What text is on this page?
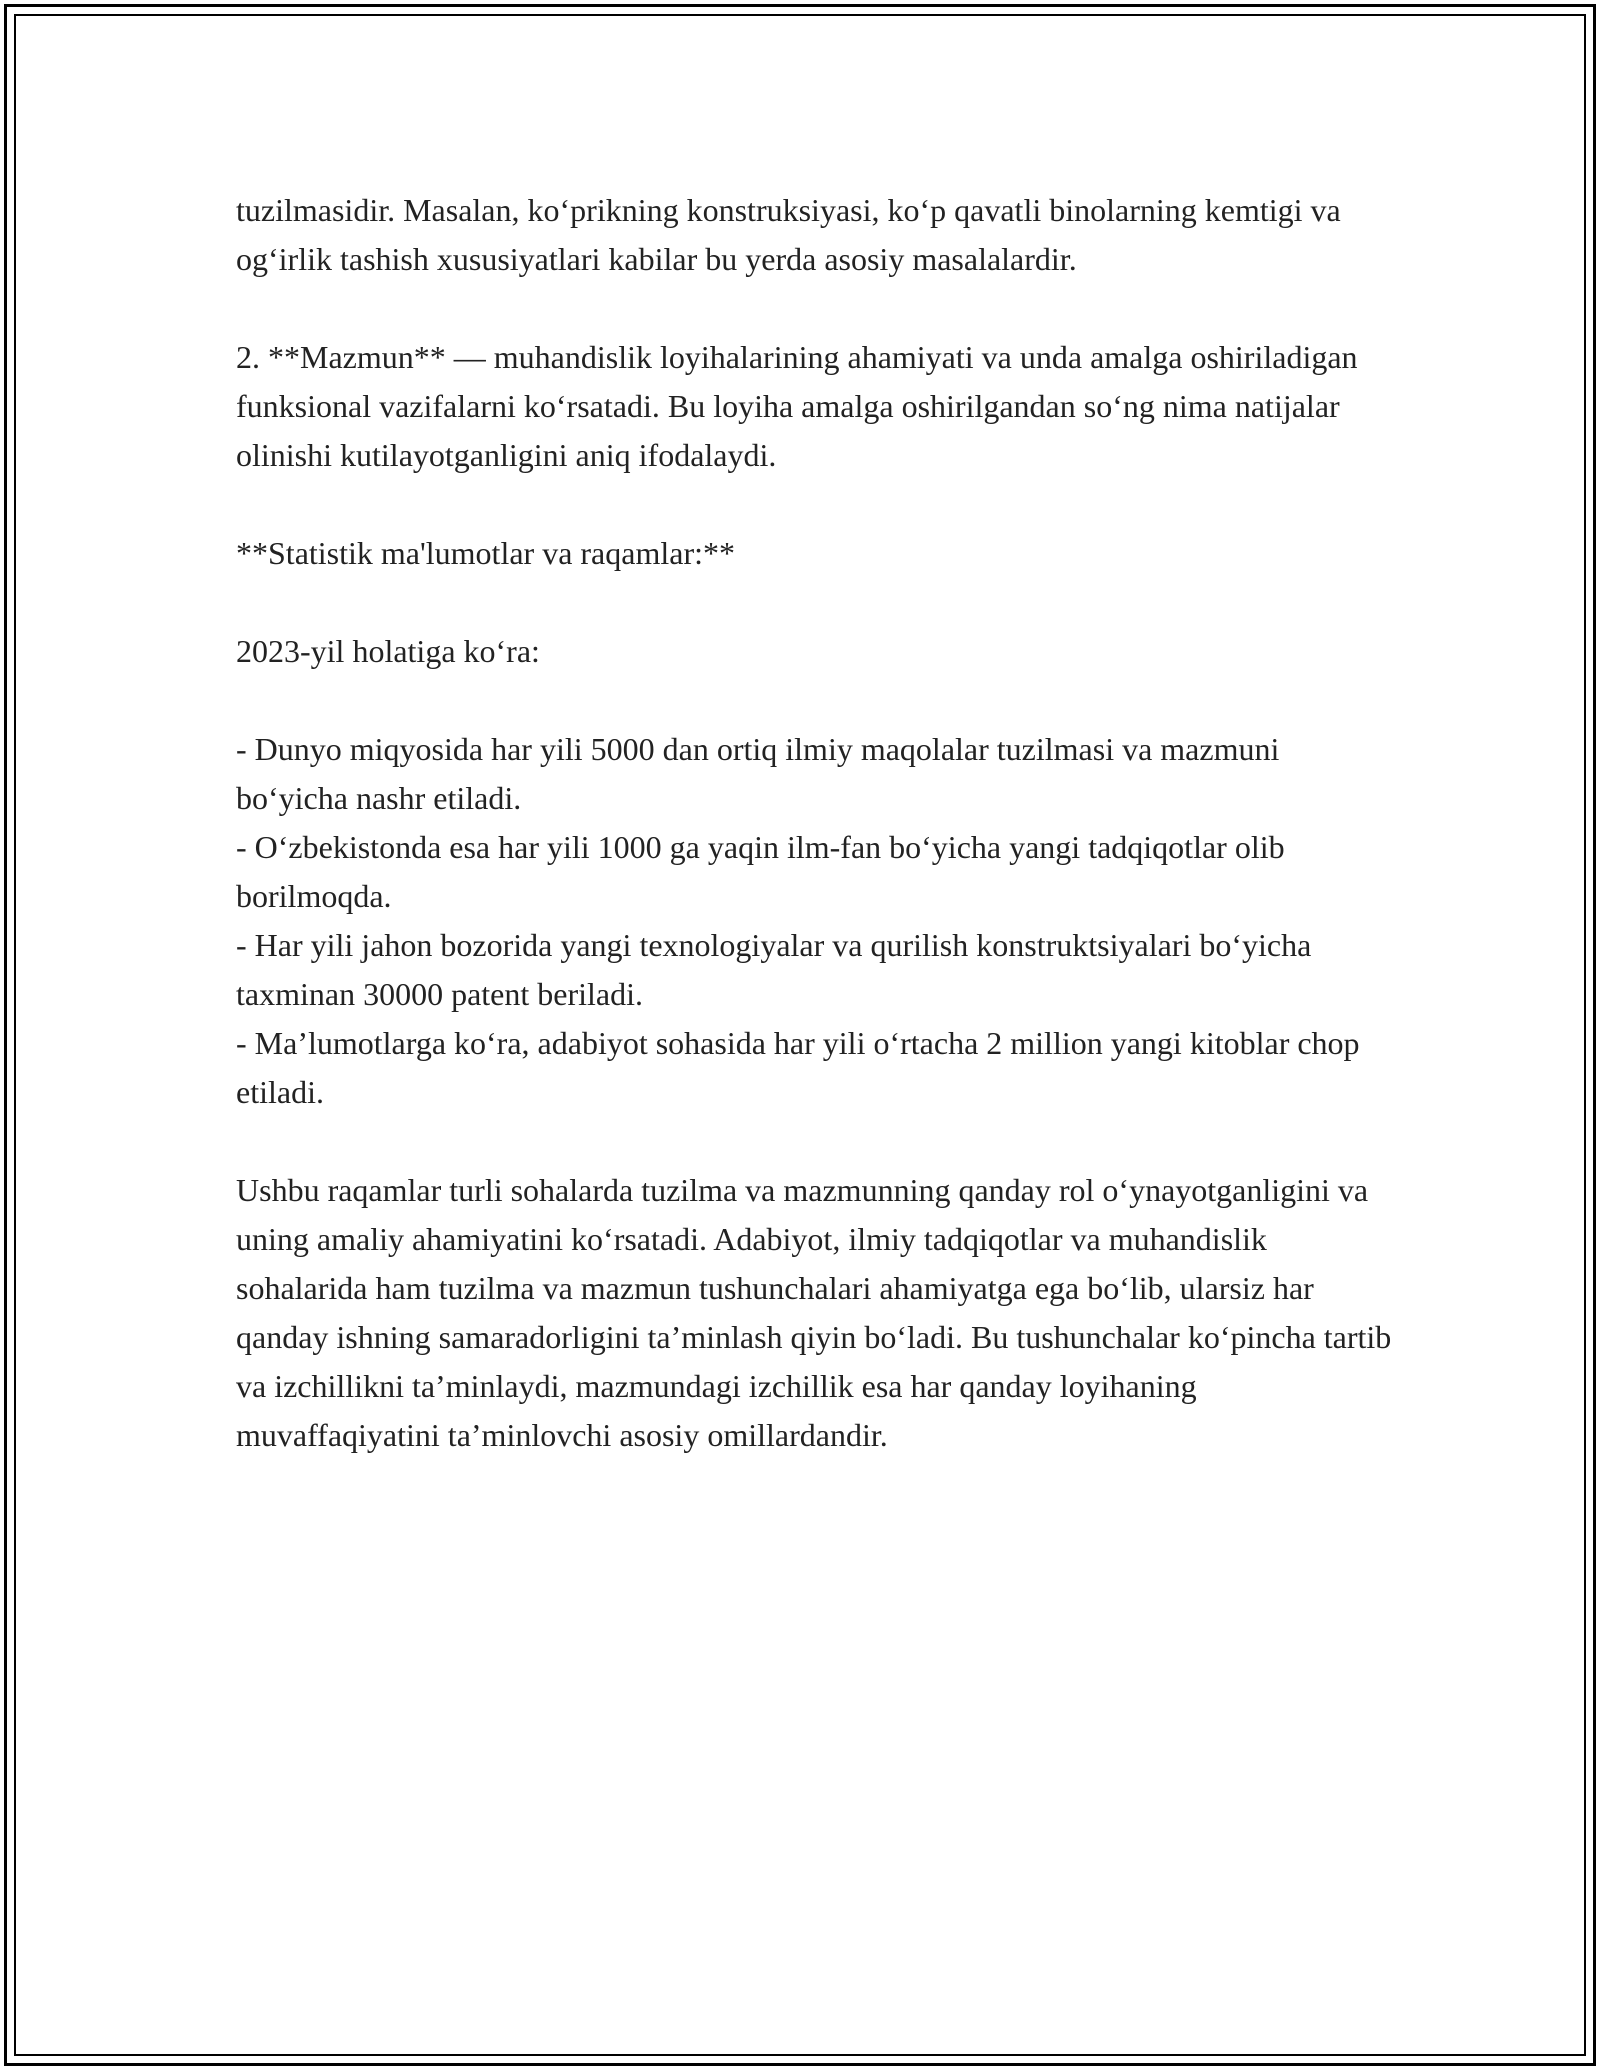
tuzilmasidir. Masalan, ko‘prikning konstruksiyasi, ko‘p qavatli binolarning kemtigi va og‘irlik tashish xususiyatlari kabilar bu yerda asosiy masalalardir.

2. **Mazmun** — muhandislik loyihalarining ahamiyati va unda amalga oshiriladigan funksional vazifalarni ko‘rsatadi. Bu loyiha amalga oshirilgandan so‘ng nima natijalar olinishi kutilayotganligini aniq ifodalaydi.

**Statistik ma'lumotlar va raqamlar:**

2023-yil holatiga ko‘ra:

- Dunyo miqyosida har yili 5000 dan ortiq ilmiy maqolalar tuzilmasi va mazmuni bo‘yicha nashr etiladi.

- O‘zbekistonda esa har yili 1000 ga yaqin ilm-fan bo‘yicha yangi tadqiqotlar olib borilmoqda.

- Har yili jahon bozorida yangi texnologiyalar va qurilish konstruktsiyalari bo‘yicha taxminan 30000 patent beriladi.

- Ma’lumotlarga ko‘ra, adabiyot sohasida har yili o‘rtacha 2 million yangi kitoblar chop etiladi.

Ushbu raqamlar turli sohalarda tuzilma va mazmunning qanday rol o‘ynayotganligini va uning amaliy ahamiyatini ko‘rsatadi. Adabiyot, ilmiy tadqiqotlar va muhandislik sohalarida ham tuzilma va mazmun tushunchalari ahamiyatga ega bo‘lib, ularsiz har qanday ishning samaradorligini ta’minlash qiyin bo‘ladi. Bu tushunchalar ko‘pincha tartib va izchillikni ta’minlaydi, mazmundagi izchillik esa har qanday loyihaning muvaffaqiyatini ta’minlovchi asosiy omillardandir.
